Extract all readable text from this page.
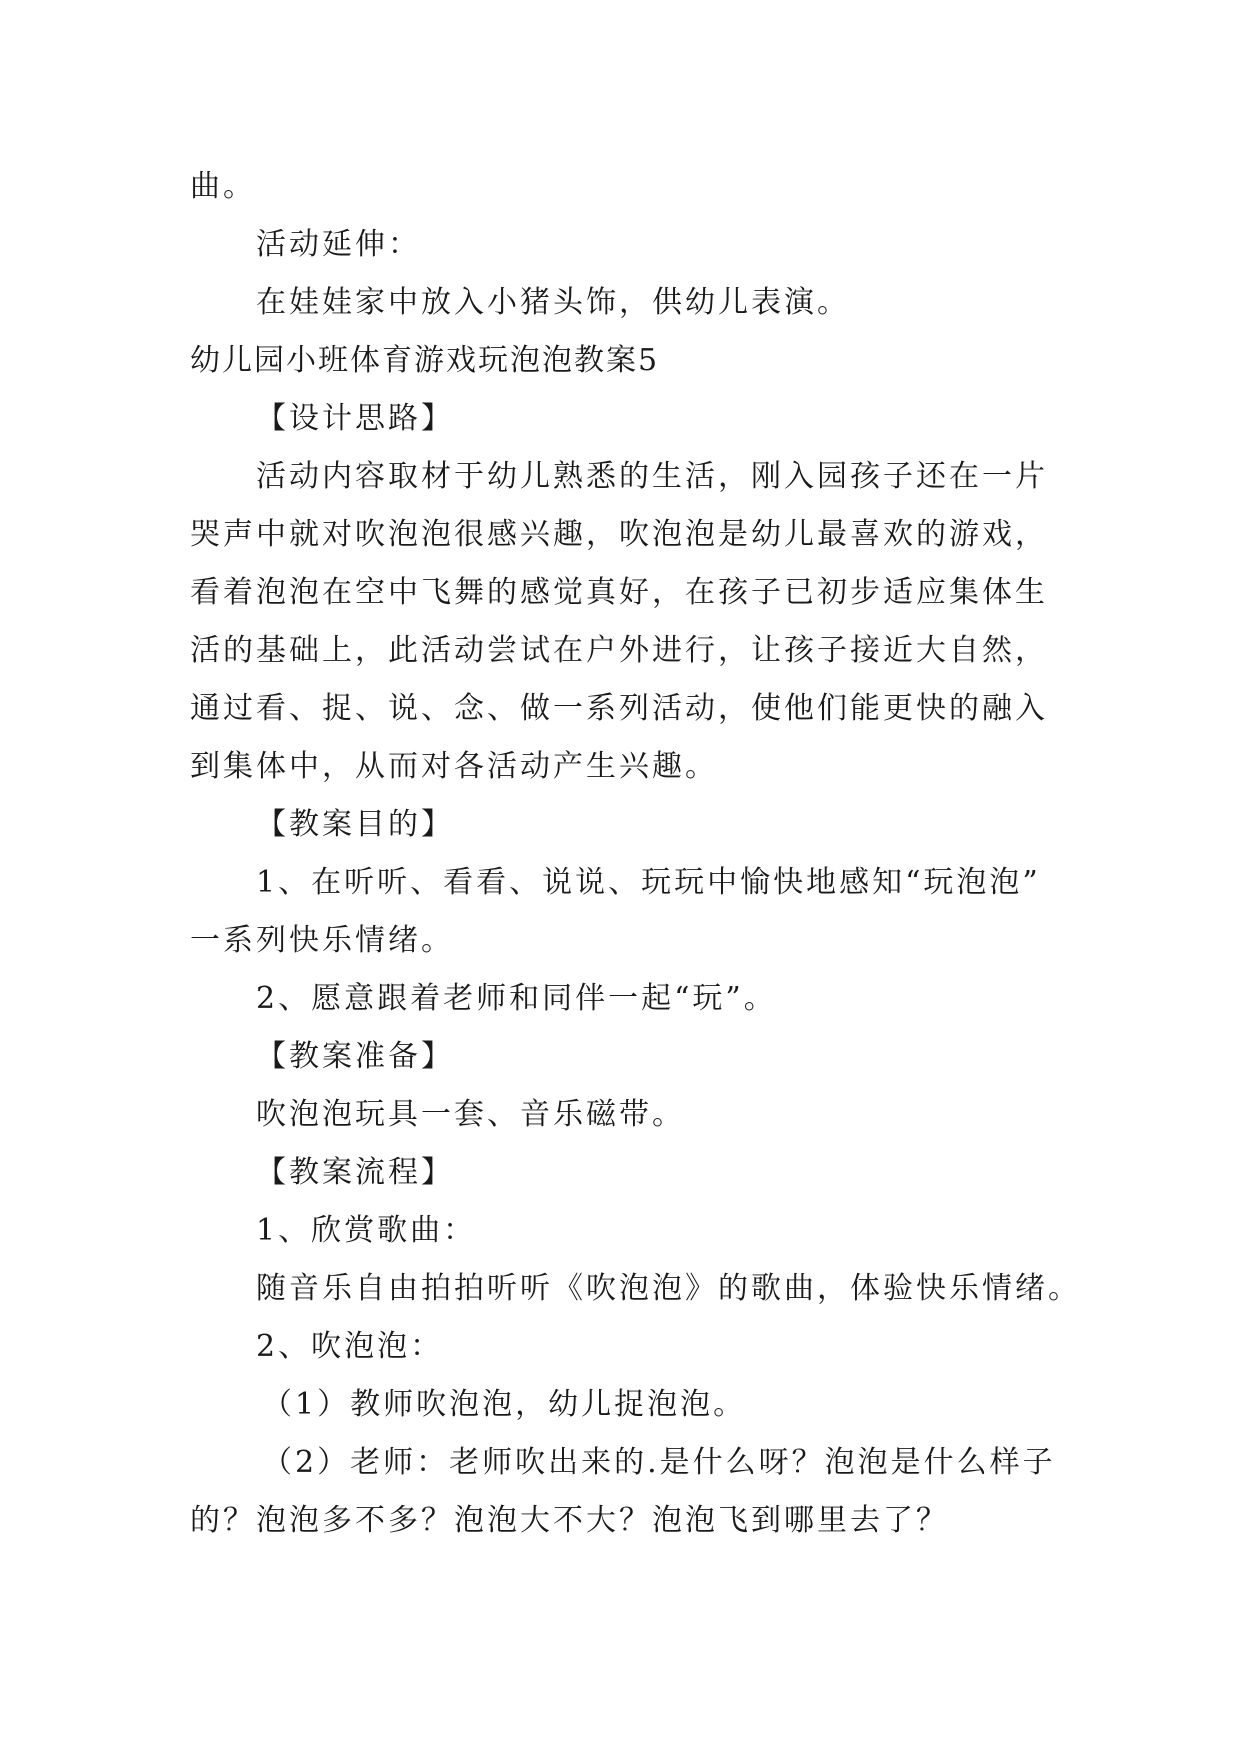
曲。
活动延伸：
在娃娃家中放入小猪头饰，供幼儿表演。
幼儿园小班体育游戏玩泡泡教案5
【设计思路】
活动内容取材于幼儿熟悉的生活，刚入园孩子还在一片
哭声中就对吹泡泡很感兴趣，吹泡泡是幼儿最喜欢的游戏，
看着泡泡在空中飞舞的感觉真好，在孩子已初步适应集体生
活的基础上，此活动尝试在户外进行，让孩子接近大自然，
通过看、捉、说、念、做一系列活动，使他们能更快的融入
到集体中，从而对各活动产生兴趣。
【教案目的】
1、在听听、看看、说说、玩玩中愉快地感知“玩泡泡”
一系列快乐情绪。
2、愿意跟着老师和同伴一起“玩”。
【教案准备】
吹泡泡玩具一套、音乐磁带。
【教案流程】
1、欣赏歌曲：
随音乐自由拍拍听听《吹泡泡》的歌曲，体验快乐情绪。
2、吹泡泡：
（1）教师吹泡泡，幼儿捉泡泡。
（2）老师：老师吹出来的.是什么呀？泡泡是什么样子
的？泡泡多不多？泡泡大不大？泡泡飞到哪里去了？
